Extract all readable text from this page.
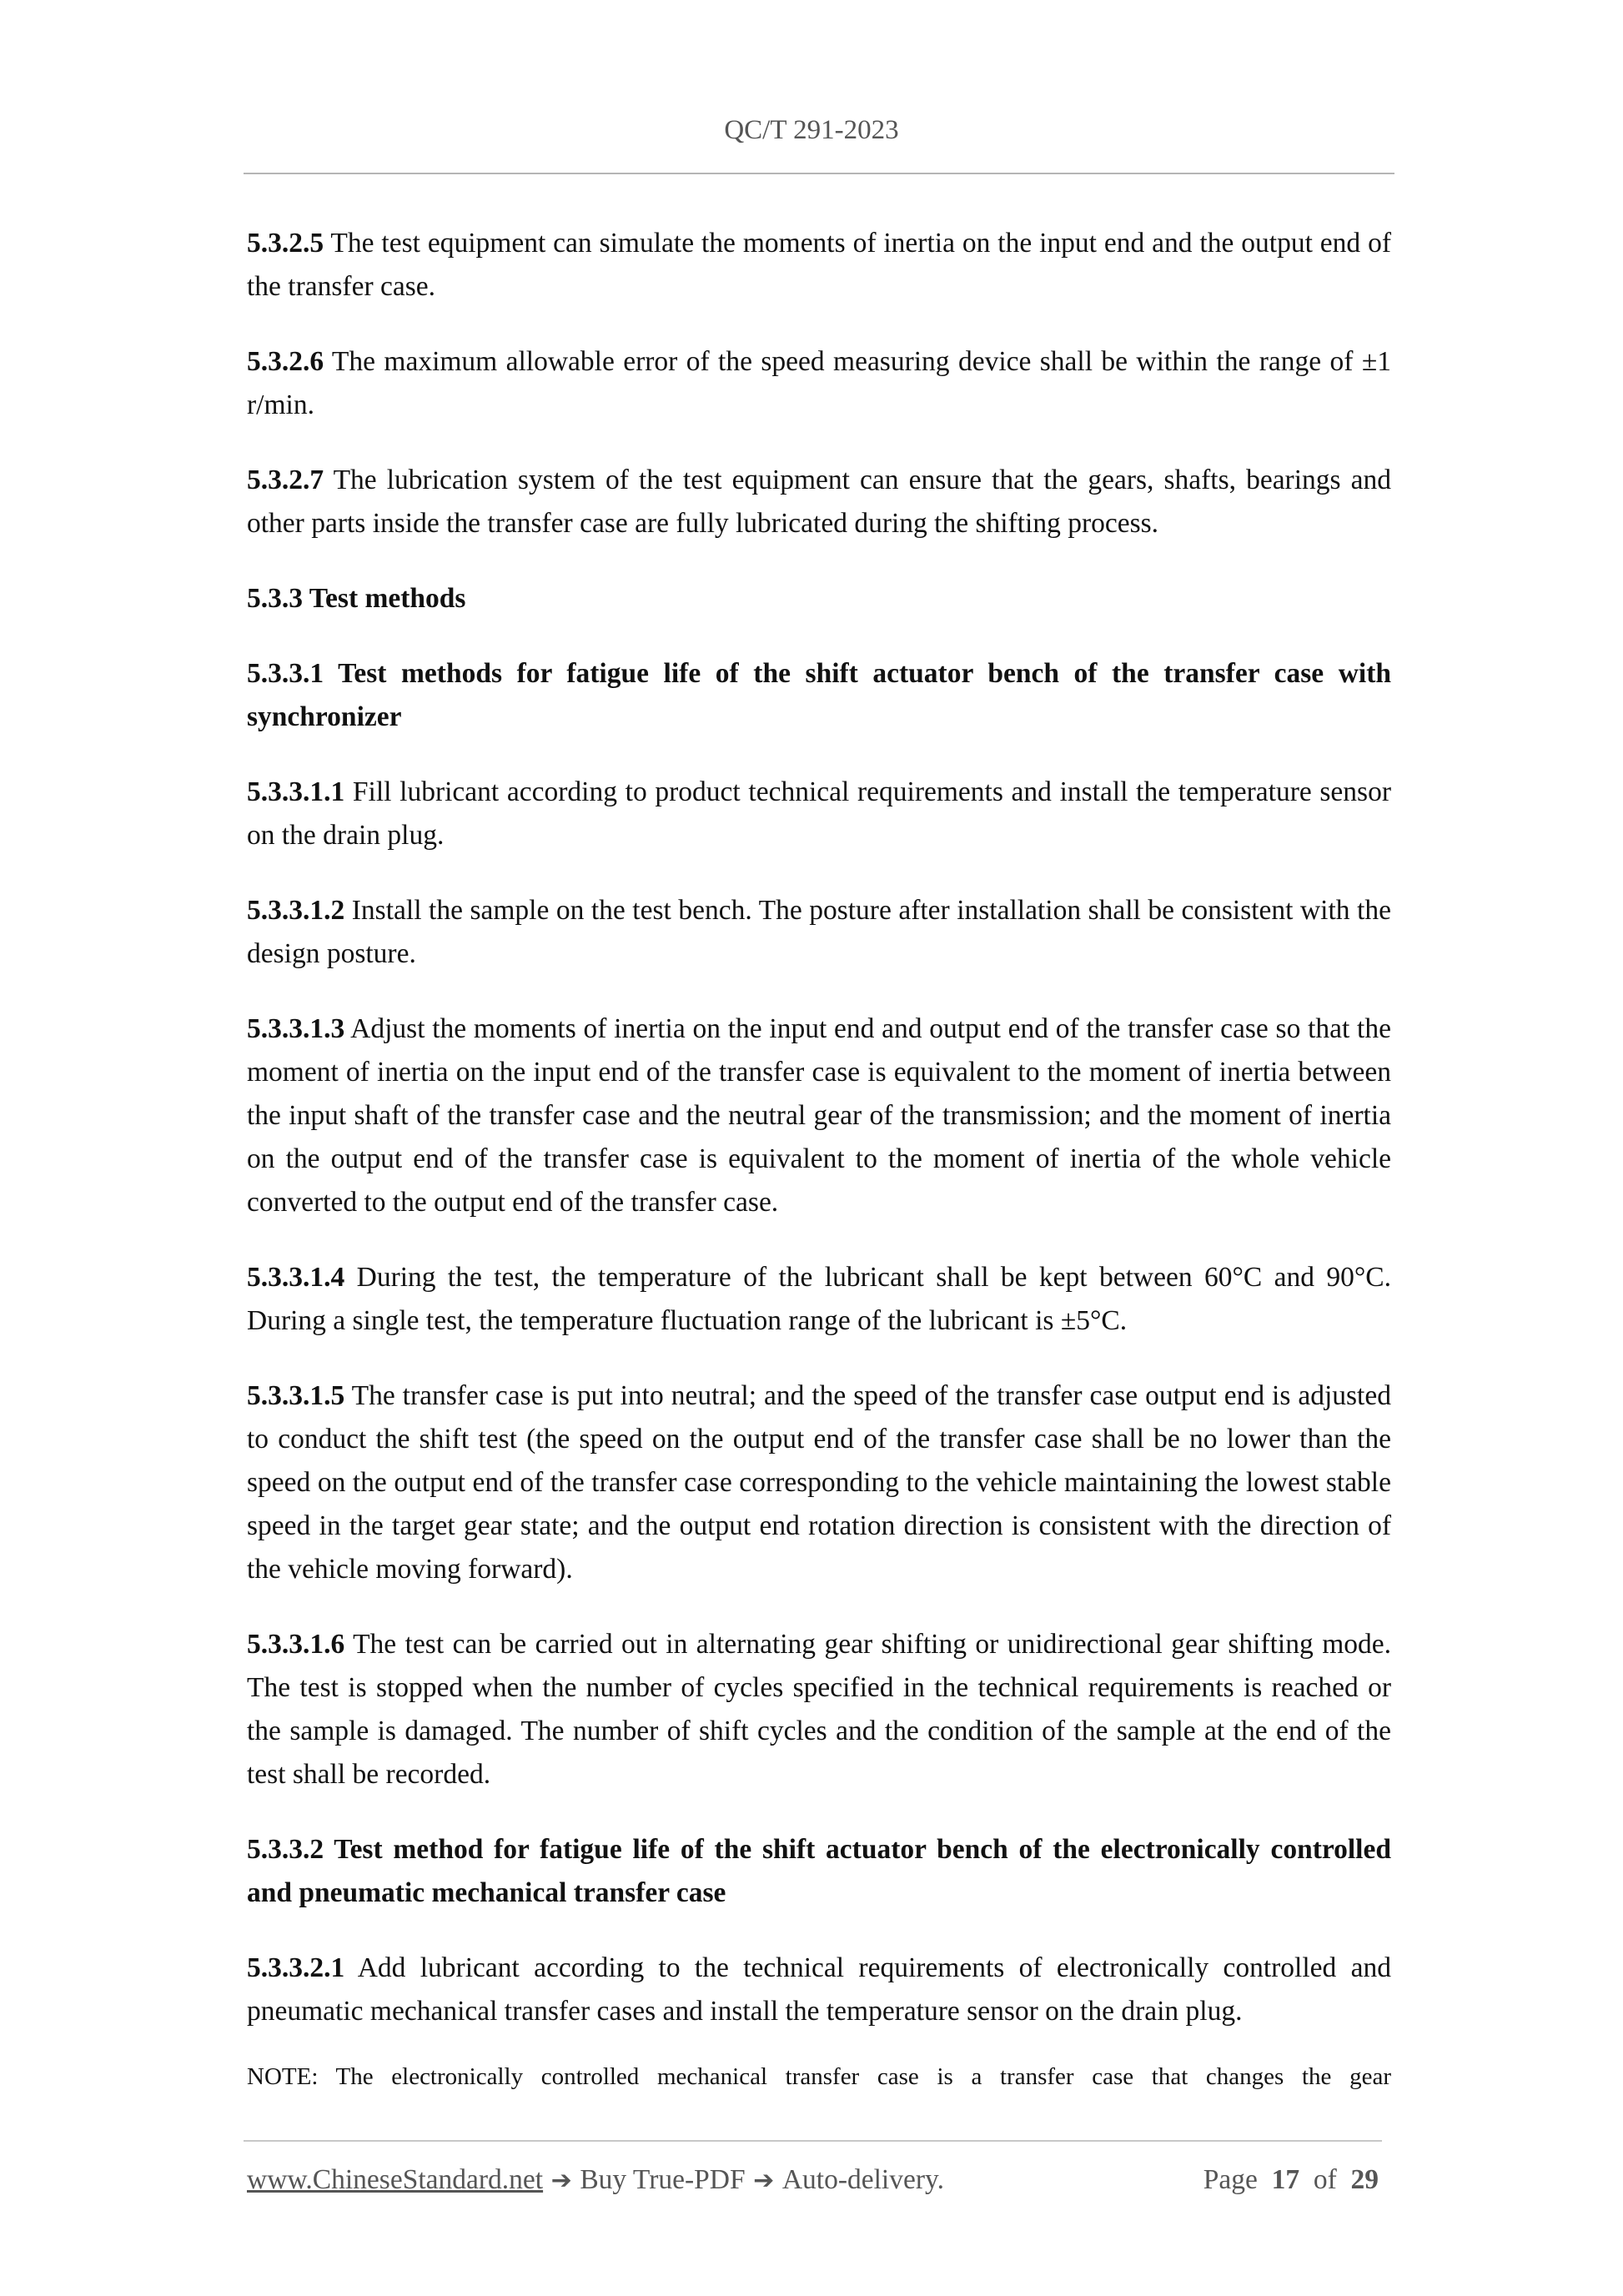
QC/T 291-2023

5.3.2.5 The test equipment can simulate the moments of inertia on the input end and the output end of the transfer case.

5.3.2.6 The maximum allowable error of the speed measuring device shall be within the range of ±1 r/min.

5.3.2.7 The lubrication system of the test equipment can ensure that the gears, shafts, bearings and other parts inside the transfer case are fully lubricated during the shifting process.

5.3.3 Test methods

5.3.3.1 Test methods for fatigue life of the shift actuator bench of the transfer case with synchronizer

5.3.3.1.1 Fill lubricant according to product technical requirements and install the temperature sensor on the drain plug.

5.3.3.1.2 Install the sample on the test bench. The posture after installation shall be consistent with the design posture.

5.3.3.1.3 Adjust the moments of inertia on the input end and output end of the transfer case so that the moment of inertia on the input end of the transfer case is equivalent to the moment of inertia between the input shaft of the transfer case and the neutral gear of the transmission; and the moment of inertia on the output end of the transfer case is equivalent to the moment of inertia of the whole vehicle converted to the output end of the transfer case.

5.3.3.1.4 During the test, the temperature of the lubricant shall be kept between 60°C and 90°C. During a single test, the temperature fluctuation range of the lubricant is ±5°C.

5.3.3.1.5 The transfer case is put into neutral; and the speed of the transfer case output end is adjusted to conduct the shift test (the speed on the output end of the transfer case shall be no lower than the speed on the output end of the transfer case corresponding to the vehicle maintaining the lowest stable speed in the target gear state; and the output end rotation direction is consistent with the direction of the vehicle moving forward).

5.3.3.1.6 The test can be carried out in alternating gear shifting or unidirectional gear shifting mode. The test is stopped when the number of cycles specified in the technical requirements is reached or the sample is damaged. The number of shift cycles and the condition of the sample at the end of the test shall be recorded.

5.3.3.2 Test method for fatigue life of the shift actuator bench of the electronically controlled and pneumatic mechanical transfer case

5.3.3.2.1 Add lubricant according to the technical requirements of electronically controlled and pneumatic mechanical transfer cases and install the temperature sensor on the drain plug.

NOTE: The electronically controlled mechanical transfer case is a transfer case that changes the gear

www.ChineseStandard.net ➔ Buy True-PDF ➔ Auto-delivery.	Page 17 of 29
